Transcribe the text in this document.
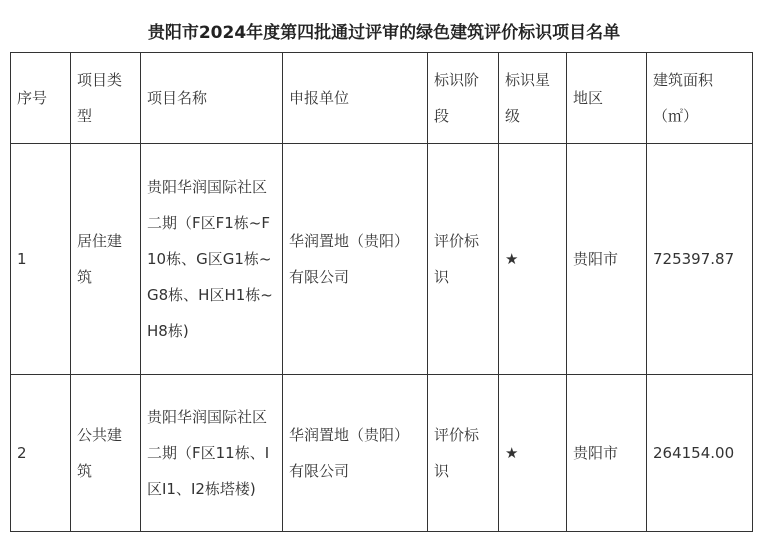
贵阳市2024年度第四批通过评审的绿色建筑评价标识项目名单
序号	项目类型	项目名称	申报单位	标识阶段	标识星级	地区	建筑面积（㎡）
1	居住建筑	贵阳华润国际社区二期（F区F1栋~F10栋、G区G1栋~G8栋、H区H1栋~H8栋)	华润置地（贵阳）有限公司	评价标识	★	贵阳市	725397.87
2	公共建筑	贵阳华润国际社区二期（F区11栋、I区I1、I2栋塔楼)	华润置地（贵阳）有限公司	评价标识	★	贵阳市	264154.00
